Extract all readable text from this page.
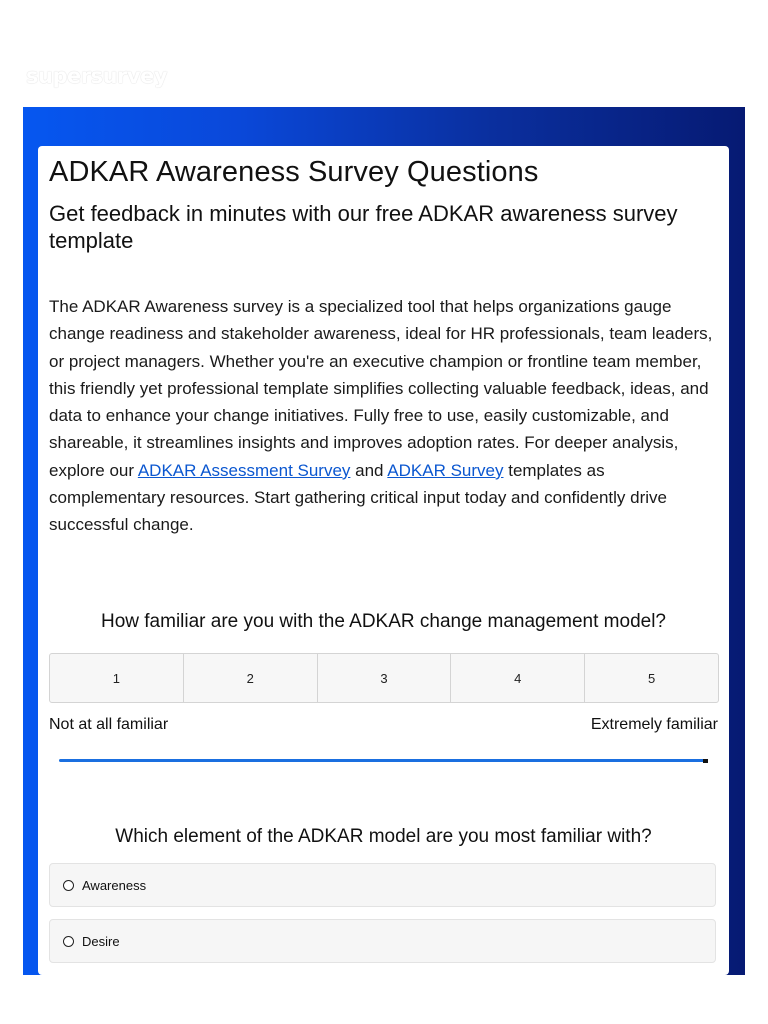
supersurvey
ADKAR Awareness Survey Questions
Get feedback in minutes with our free ADKAR awareness survey template

The ADKAR Awareness survey is a specialized tool that helps organizations gauge change readiness and stakeholder awareness, ideal for HR professionals, team leaders, or project managers. Whether you're an executive champion or frontline team member, this friendly yet professional template simplifies collecting valuable feedback, ideas, and data to enhance your change initiatives. Fully free to use, easily customizable, and shareable, it streamlines insights and improves adoption rates. For deeper analysis, explore our ADKAR Assessment Survey and ADKAR Survey templates as complementary resources. Start gathering critical input today and confidently drive successful change.

How familiar are you with the ADKAR change management model?
1	2	3	4	5
Not at all familiar	Extremely familiar
Which element of the ADKAR model are you most familiar with?
Awareness
Desire
